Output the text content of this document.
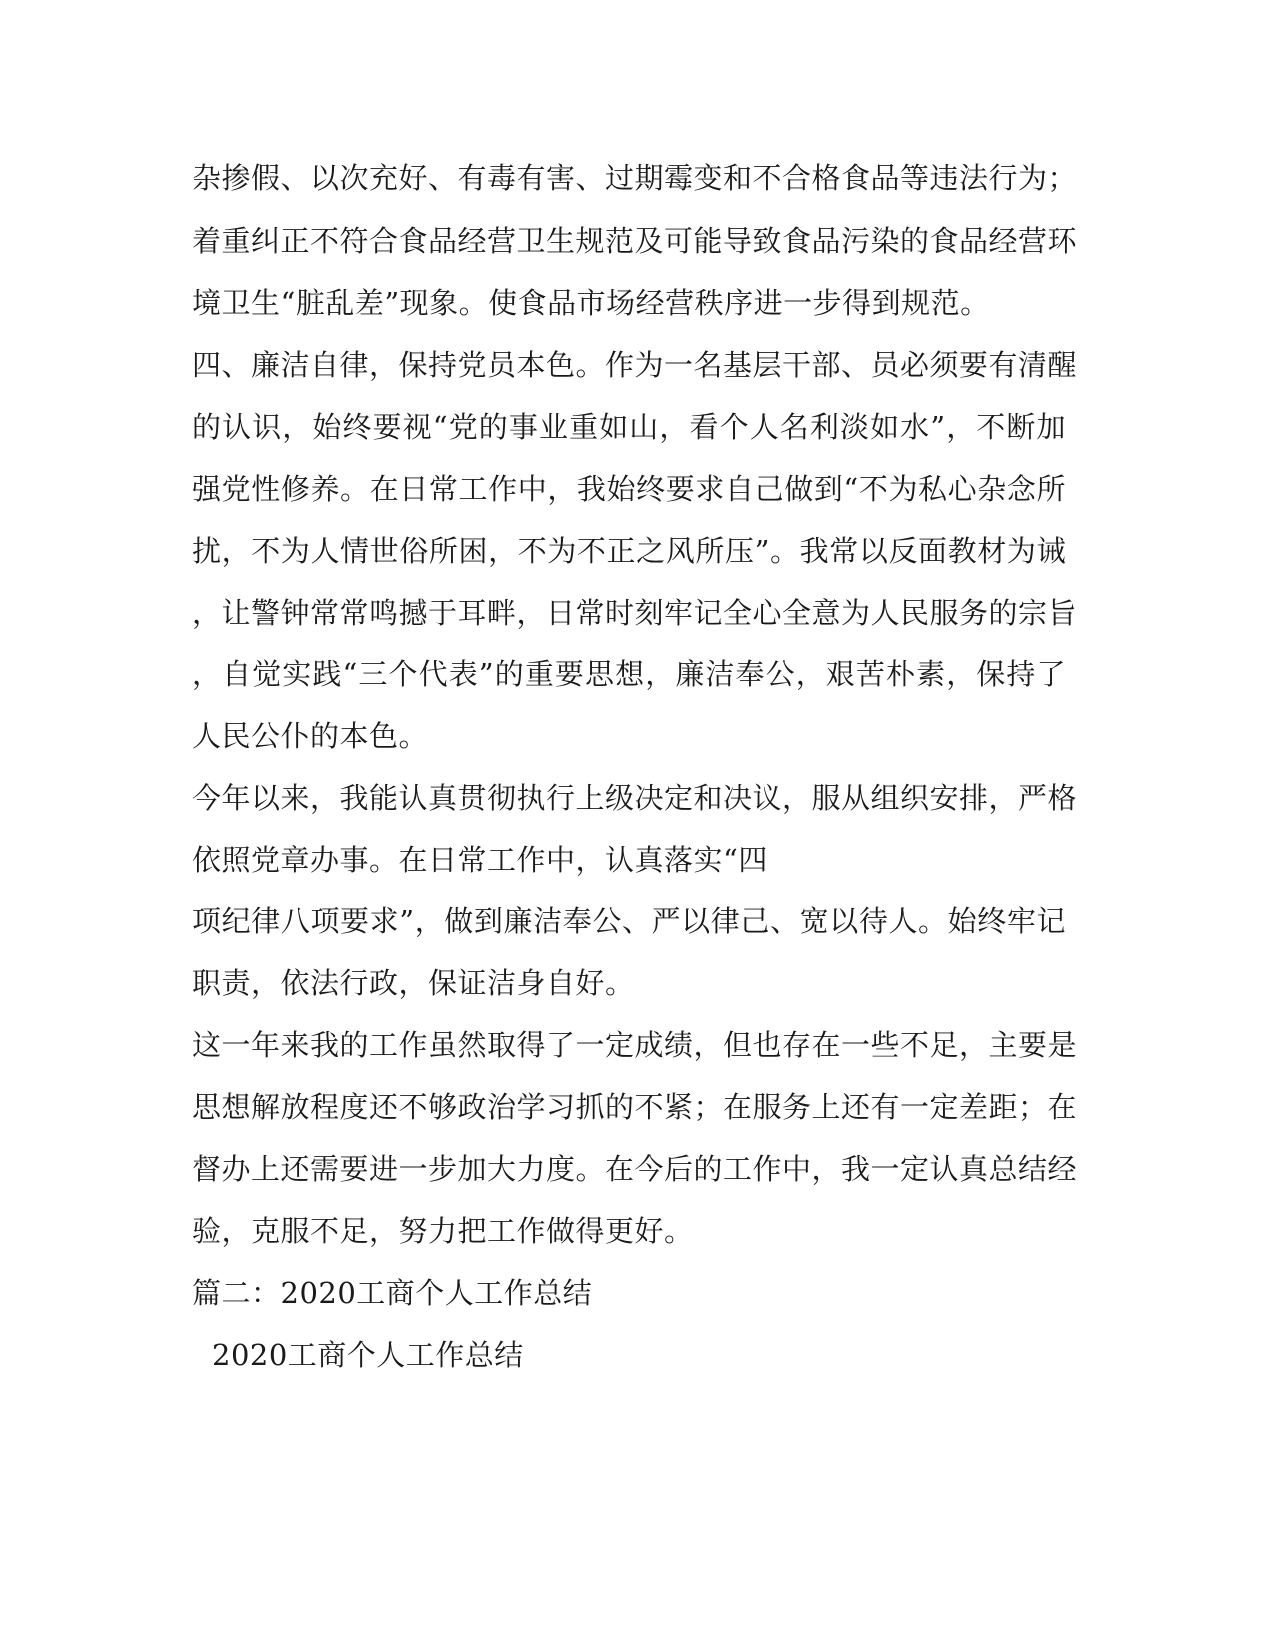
杂掺假、以次充好、有毒有害、过期霉变和不合格食品等违法行为；
着重纠正不符合食品经营卫生规范及可能导致食品污染的食品经营环
境卫生“脏乱差”现象。使食品市场经营秩序进一步得到规范。
四、廉洁自律，保持党员本色。作为一名基层干部、员必须要有清醒
的认识，始终要视“党的事业重如山，看个人名利淡如水”，不断加
强党性修养。在日常工作中，我始终要求自己做到“不为私心杂念所
扰，不为人情世俗所困，不为不正之风所压”。我常以反面教材为诫
，让警钟常常鸣撼于耳畔，日常时刻牢记全心全意为人民服务的宗旨
，自觉实践“三个代表”的重要思想，廉洁奉公，艰苦朴素，保持了
人民公仆的本色。
今年以来，我能认真贯彻执行上级决定和决议，服从组织安排，严格
依照党章办事。在日常工作中，认真落实“四
项纪律八项要求”，做到廉洁奉公、严以律己、宽以待人。始终牢记
职责，依法行政，保证洁身自好。
这一年来我的工作虽然取得了一定成绩，但也存在一些不足，主要是
思想解放程度还不够政治学习抓的不紧；在服务上还有一定差距；在
督办上还需要进一步加大力度。在今后的工作中，我一定认真总结经
验，克服不足，努力把工作做得更好。
篇二：2020工商个人工作总结
2020工商个人工作总结
